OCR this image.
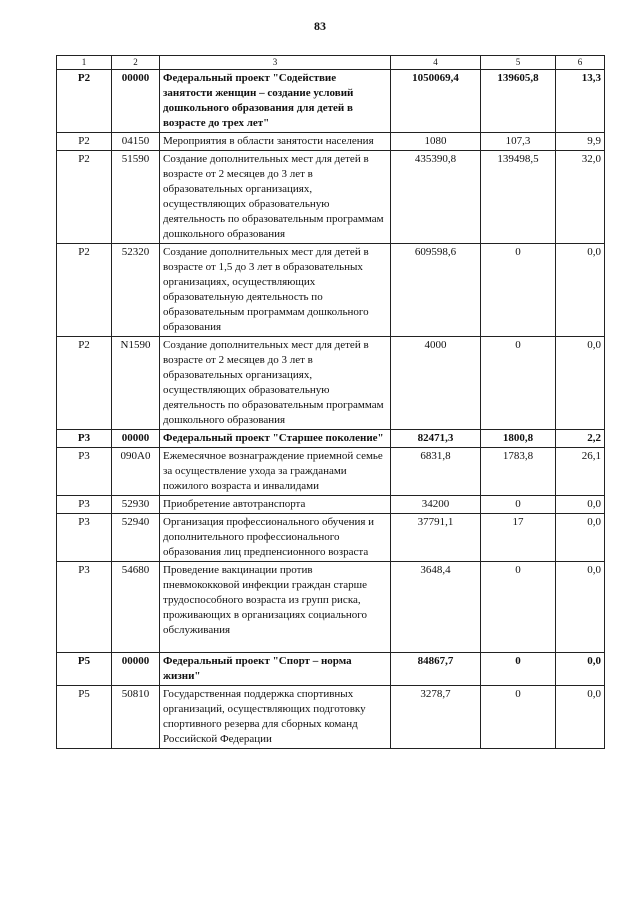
83
1	2	3	4	5	6
Р2	00000	Федеральный проект "Содействие занятости женщин – создание условий дошкольного образования для детей в возрасте до трех лет"	1050069,4	139605,8	13,3
Р2	04150	Мероприятия в области занятости населения	1080	107,3	9,9
Р2	51590	Создание дополнительных мест для детей в возрасте от 2 месяцев до 3 лет в образовательных организациях, осуществляющих образовательную деятельность по образовательным программам дошкольного образования	435390,8	139498,5	32,0
Р2	52320	Создание дополнительных мест для детей в возрасте от 1,5 до 3 лет в образовательных организациях, осуществляющих образовательную деятельность по образовательным программам дошкольного образования	609598,6	0	0,0
Р2	N1590	Создание дополнительных мест для детей в возрасте от 2 месяцев до 3 лет в образовательных организациях, осуществляющих образовательную деятельность по образовательным программам дошкольного образования	4000	0	0,0
Р3	00000	Федеральный проект "Старшее поколение"	82471,3	1800,8	2,2
Р3	090А0	Ежемесячное вознаграждение приемной семье за осуществление ухода за гражданами пожилого возраста и инвалидами	6831,8	1783,8	26,1
Р3	52930	Приобретение автотранспорта	34200	0	0,0
Р3	52940	Организация профессионального обучения и дополнительного профессионального образования лиц предпенсионного возраста	37791,1	17	0,0
Р3	54680	Проведение вакцинации против пневмококковой инфекции граждан старше трудоспособного возраста из групп риска, проживающих в организациях социального обслуживания	3648,4	0	0,0
Р5	00000	Федеральный проект "Спорт – норма жизни"	84867,7	0	0,0
Р5	50810	Государственная поддержка спортивных организаций, осуществляющих подготовку спортивного резерва для сборных команд Российской Федерации	3278,7	0	0,0
